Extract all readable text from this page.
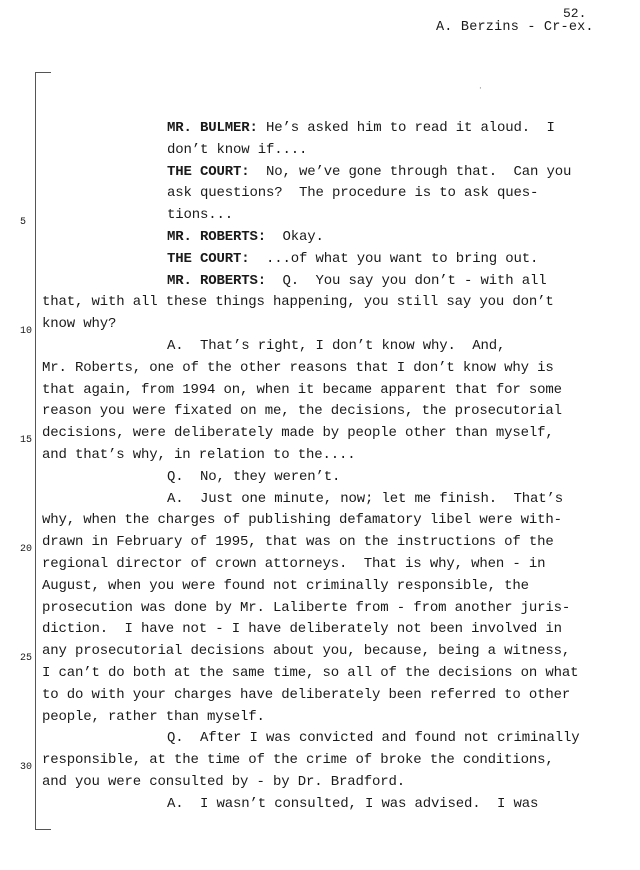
52.
A. Berzins - Cr-ex.
·
5
10
15
20
25
30
MR. BULMER: He’s asked him to read it aloud.  I
don’t know if....
THE COURT:  No, we’ve gone through that.  Can you
ask questions?  The procedure is to ask ques-
tions...
MR. ROBERTS:  Okay.
THE COURT:  ...of what you want to bring out.
MR. ROBERTS:  Q.  You say you don’t - with all
that, with all these things happening, you still say you don’t
know why?
A.  That’s right, I don’t know why.  And,
Mr. Roberts, one of the other reasons that I don’t know why is
that again, from 1994 on, when it became apparent that for some
reason you were fixated on me, the decisions, the prosecutorial
decisions, were deliberately made by people other than myself,
and that’s why, in relation to the....
Q.  No, they weren’t.
A.  Just one minute, now; let me finish.  That’s
why, when the charges of publishing defamatory libel were with-
drawn in February of 1995, that was on the instructions of the
regional director of crown attorneys.  That is why, when - in
August, when you were found not criminally responsible, the
prosecution was done by Mr. Laliberte from - from another juris-
diction.  I have not - I have deliberately not been involved in
any prosecutorial decisions about you, because, being a witness,
I can’t do both at the same time, so all of the decisions on what
to do with your charges have deliberately been referred to other
people, rather than myself.
Q.  After I was convicted and found not criminally
responsible, at the time of the crime of broke the conditions,
and you were consulted by - by Dr. Bradford.
A.  I wasn’t consulted, I was advised.  I was
